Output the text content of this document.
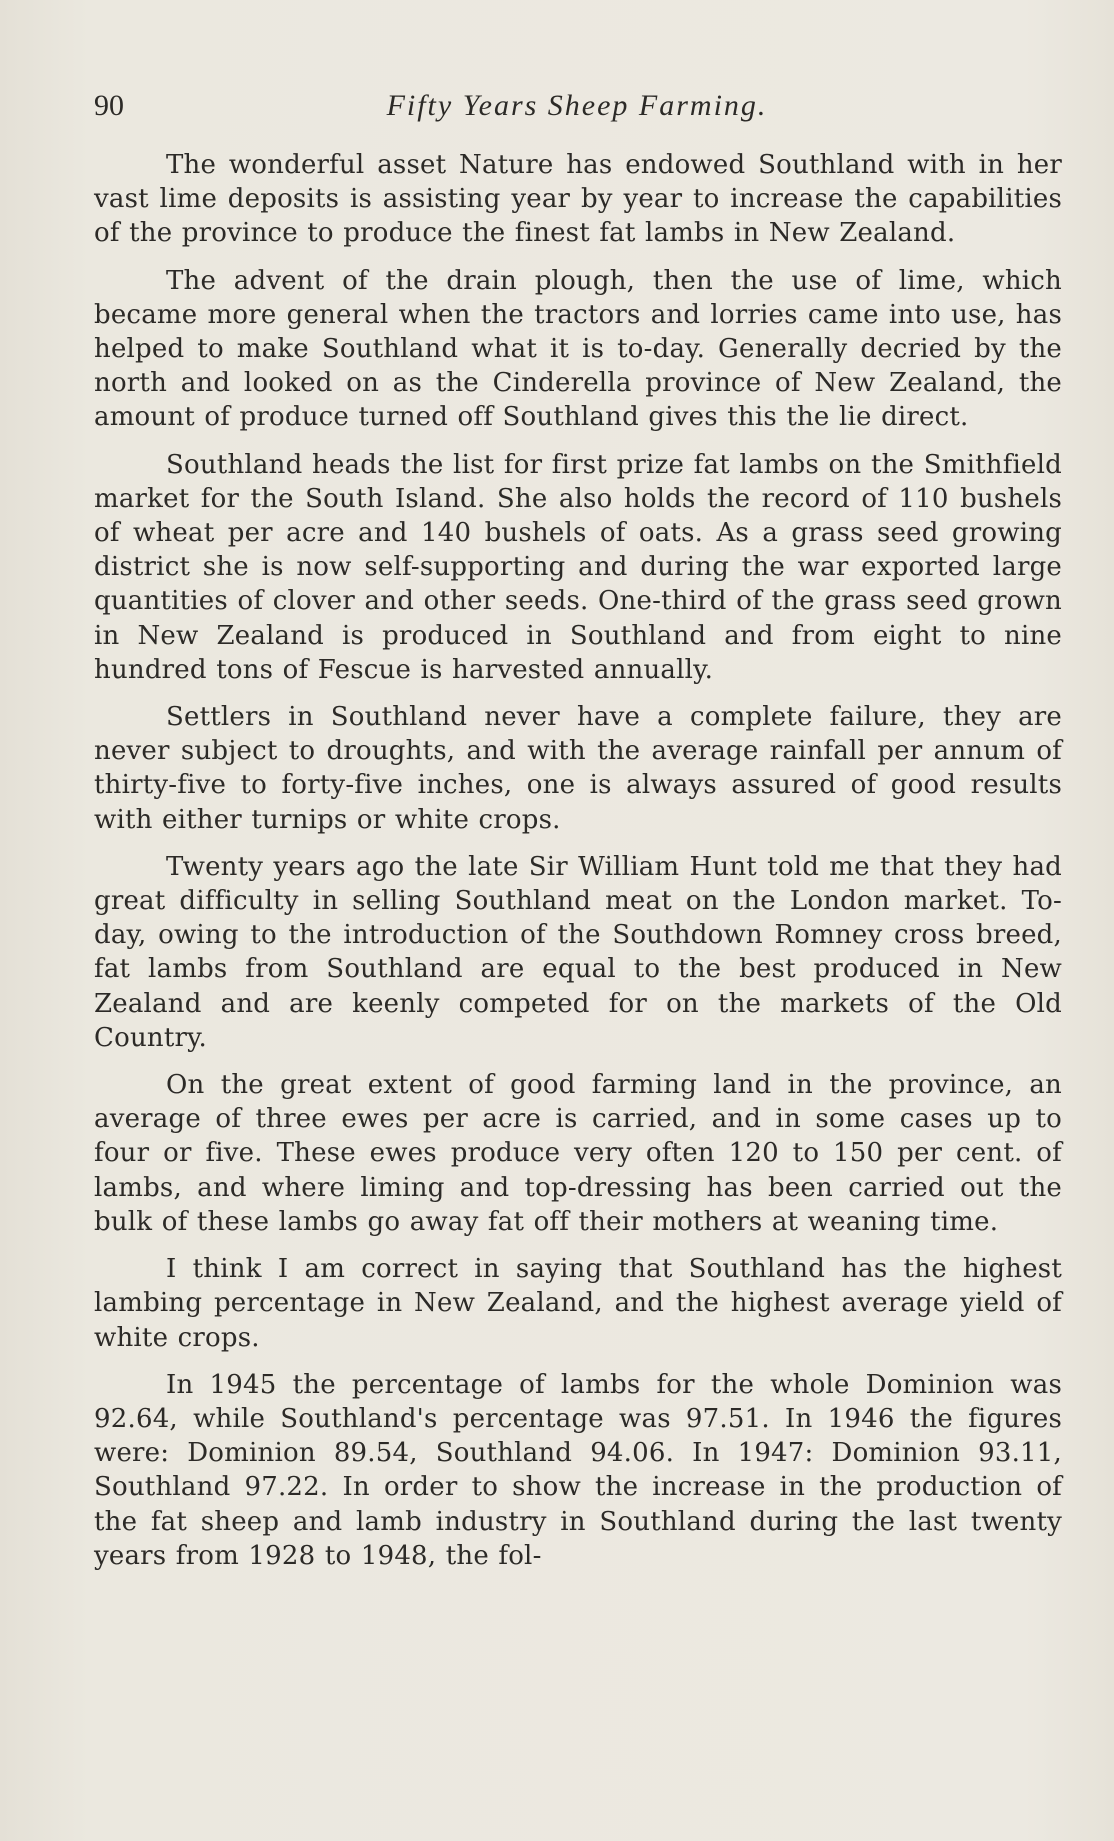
90	Fifty Years Sheep Farming.

The wonderful asset Nature has endowed Southland with in her vast lime deposits is assisting year by year to increase the capabilities of the province to produce the finest fat lambs in New Zealand.

The advent of the drain plough, then the use of lime, which became more general when the tractors and lorries came into use, has helped to make Southland what it is to-day. Generally decried by the north and looked on as the Cinderella province of New Zealand, the amount of produce turned off Southland gives this the lie direct.

Southland heads the list for first prize fat lambs on the Smithfield market for the South Island. She also holds the record of 110 bushels of wheat per acre and 140 bushels of oats. As a grass seed growing district she is now self-supporting and during the war exported large quantities of clover and other seeds. One-third of the grass seed grown in New Zealand is produced in Southland and from eight to nine hundred tons of Fescue is harvested annually.

Settlers in Southland never have a complete failure, they are never subject to droughts, and with the average rainfall per annum of thirty-five to forty-five inches, one is always assured of good results with either turnips or white crops.

Twenty years ago the late Sir William Hunt told me that they had great difficulty in selling Southland meat on the London market. To-day, owing to the introduction of the Southdown Romney cross breed, fat lambs from Southland are equal to the best produced in New Zealand and are keenly competed for on the markets of the Old Country.

On the great extent of good farming land in the province, an average of three ewes per acre is carried, and in some cases up to four or five. These ewes produce very often 120 to 150 per cent. of lambs, and where liming and top-dressing has been carried out the bulk of these lambs go away fat off their mothers at weaning time.

I think I am correct in saying that Southland has the highest lambing percentage in New Zealand, and the highest average yield of white crops.

In 1945 the percentage of lambs for the whole Dominion was 92.64, while Southland's percentage was 97.51. In 1946 the figures were: Dominion 89.54, Southland 94.06. In 1947: Dominion 93.11, Southland 97.22. In order to show the increase in the production of the fat sheep and lamb industry in Southland during the last twenty years from 1928 to 1948, the fol-
